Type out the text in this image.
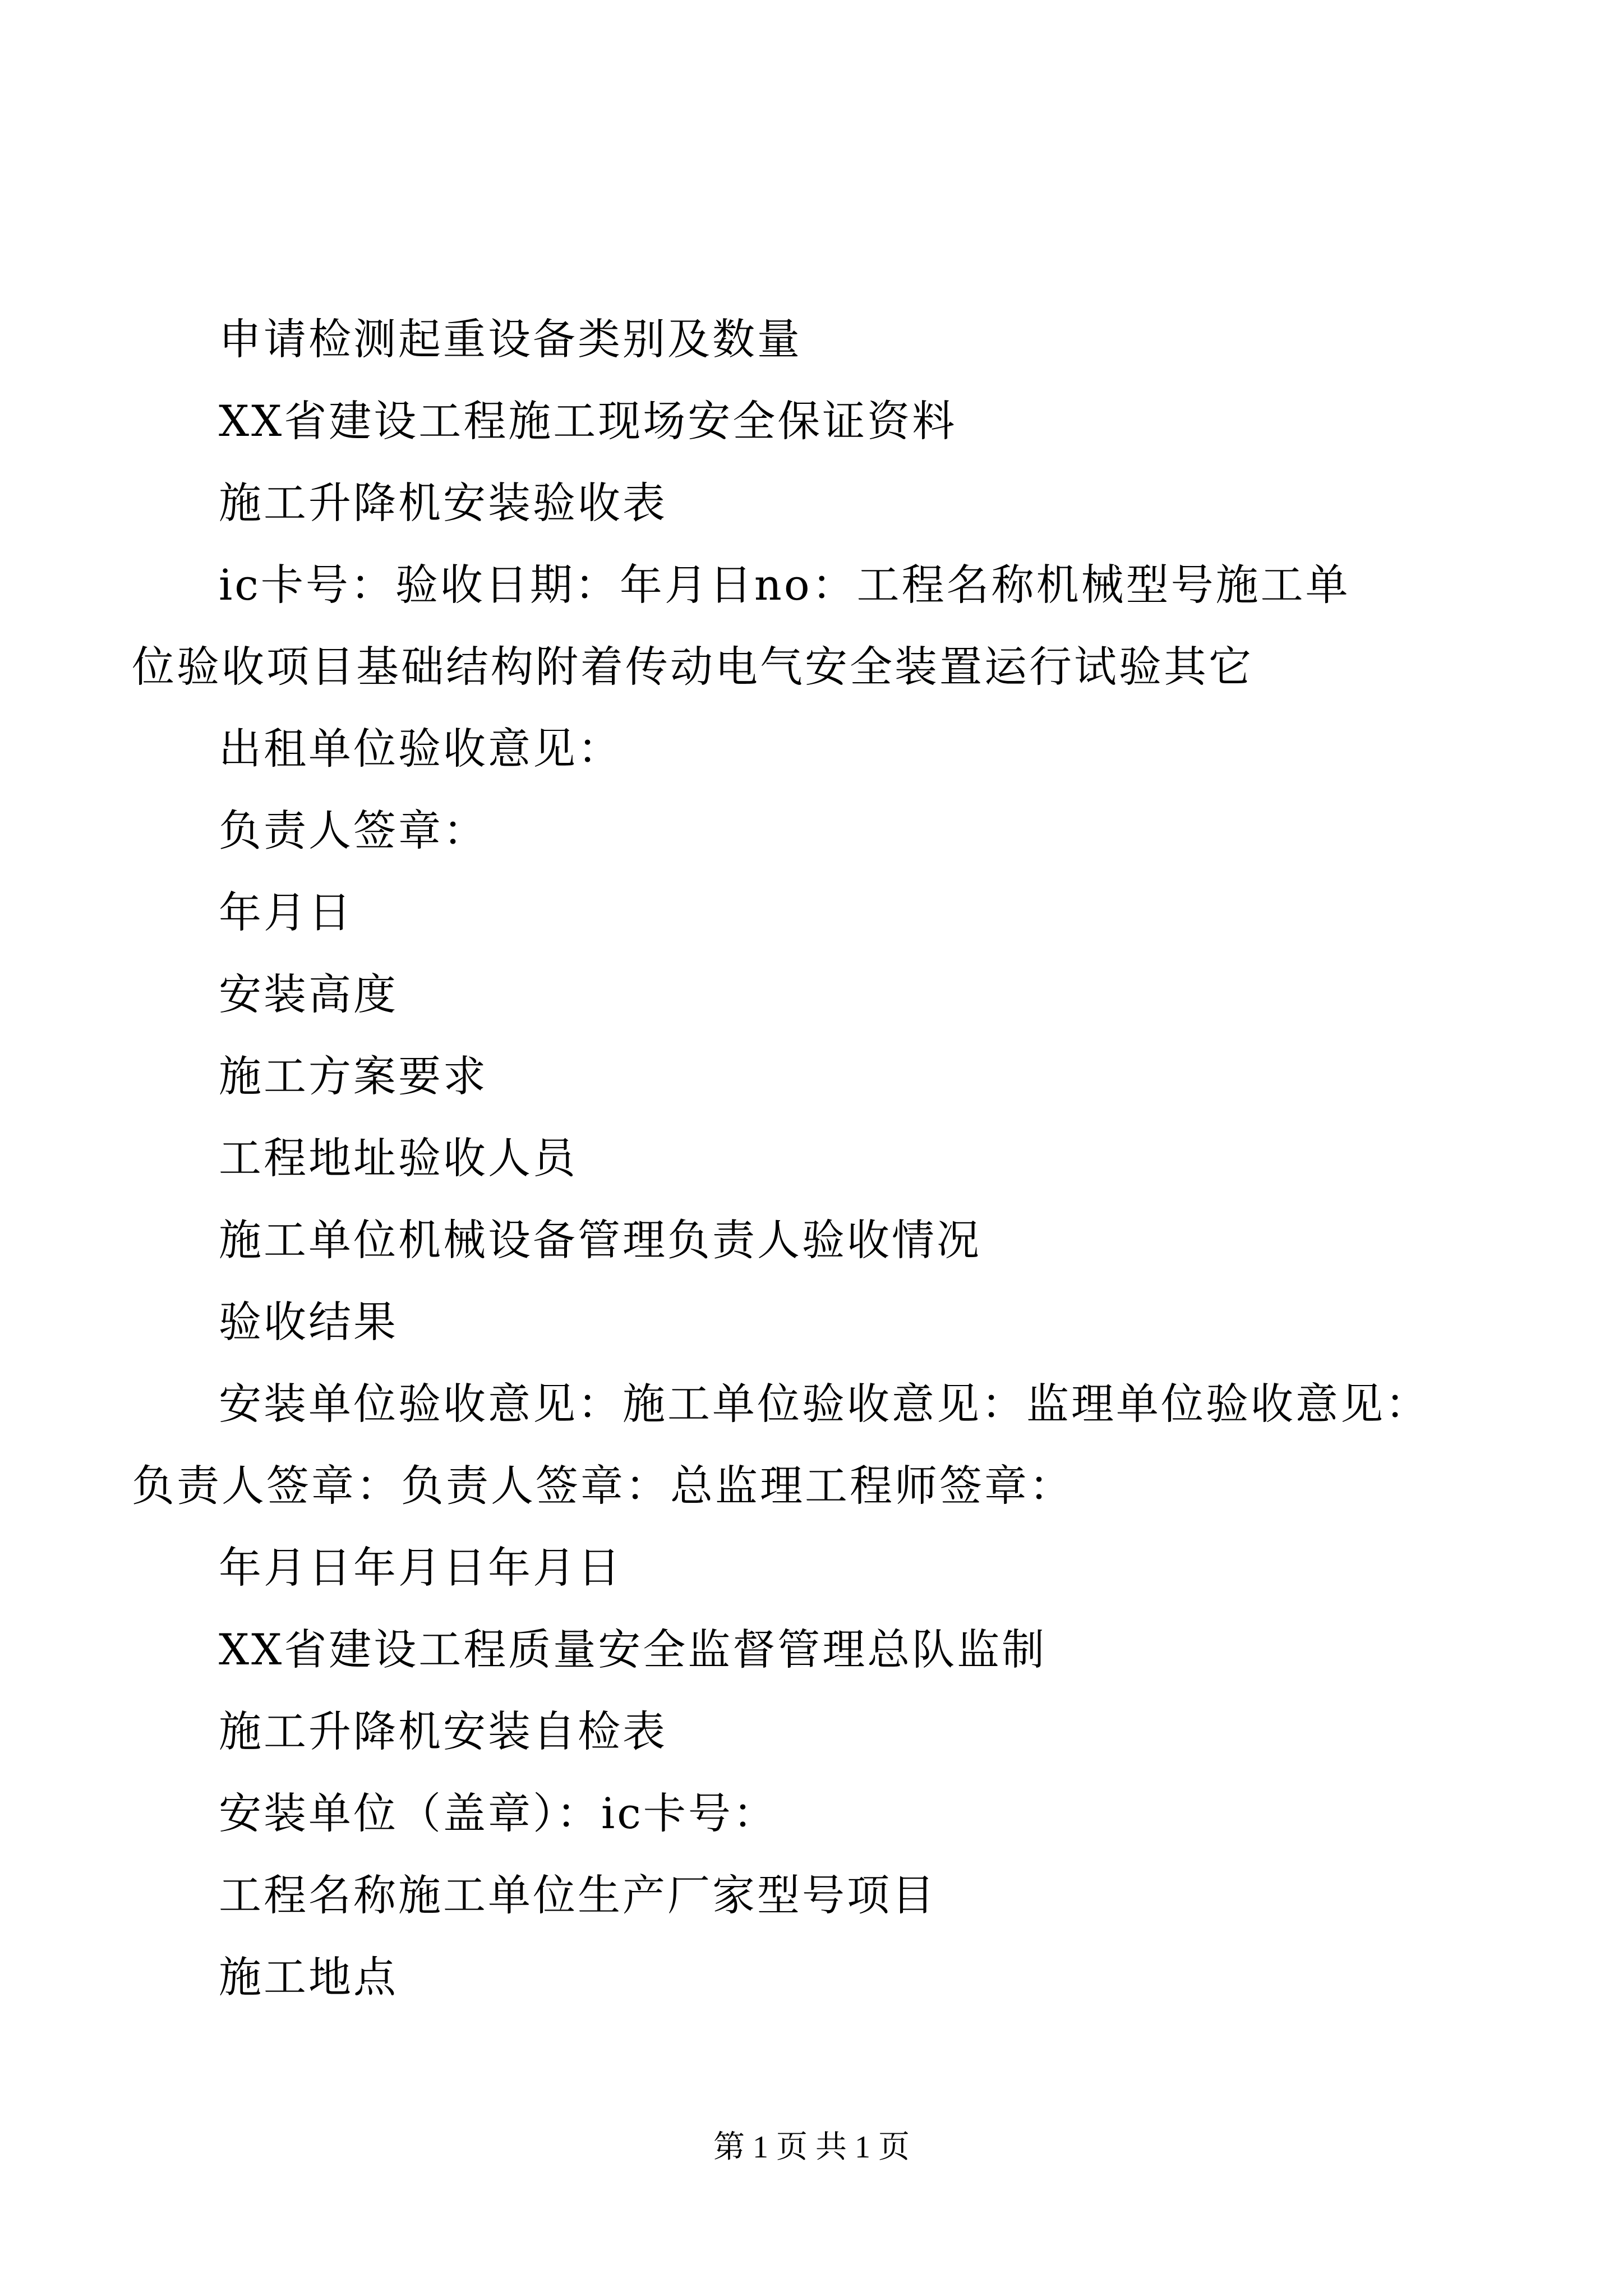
申请检测起重设备类别及数量

XX省建设工程施工现场安全保证资料

施工升降机安装验收表

ic卡号：验收日期：年月日no：工程名称机械型号施工单
位验收项目基础结构附着传动电气安全装置运行试验其它

出租单位验收意见：

负责人签章：

年月日

安装高度

施工方案要求

工程地址验收人员

施工单位机械设备管理负责人验收情况

验收结果

安装单位验收意见：施工单位验收意见：监理单位验收意见：
负责人签章：负责人签章：总监理工程师签章：

年月日年月日年月日

XX省建设工程质量安全监督管理总队监制

施工升降机安装自检表

安装单位（盖章）：ic卡号：

工程名称施工单位生产厂家型号项目

施工地点

第 1 页 共 1 页
